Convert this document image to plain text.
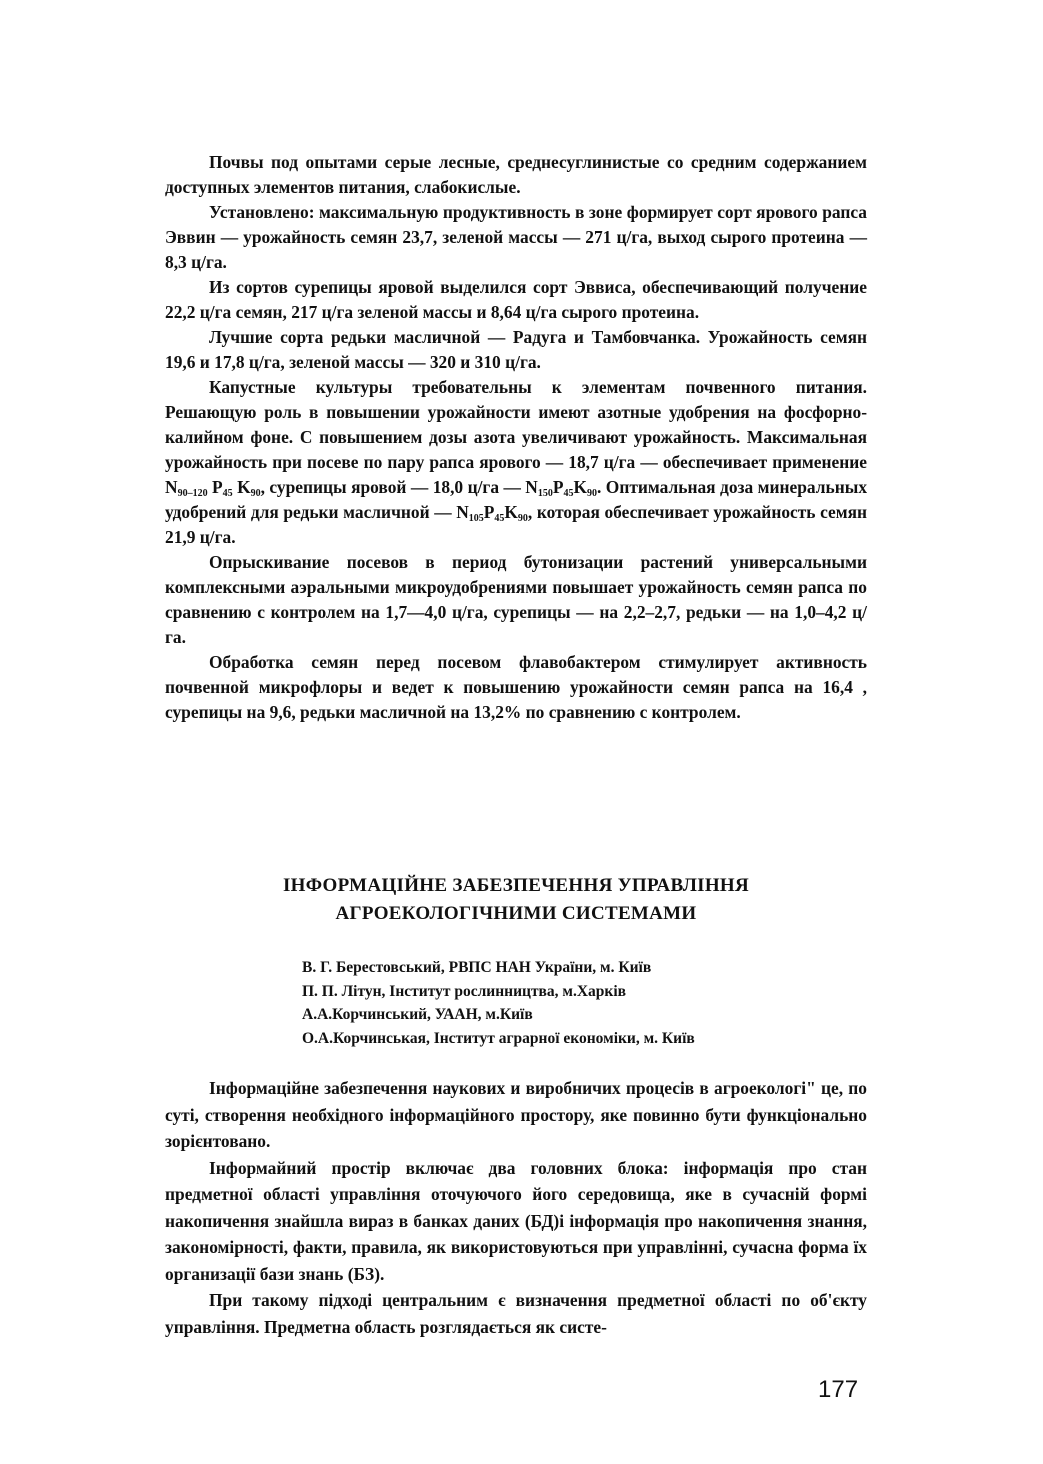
Почвы под опытами серые лесные, среднесуглинистые со средним содержанием доступных элементов питания, слабокислые.

Установлено: максимальную продуктивность в зоне формирует сорт ярового рапса Эввин — урожайность семян 23,7, зеленой массы — 271 ц/га, выход сырого протеина — 8,3 ц/га.

Из сортов сурепицы яровой выделился сорт Эввиса, обеспечивающий получение 22,2 ц/га семян, 217 ц/га зеленой массы и 8,64 ц/га сырого протеина.

Лучшие сорта редьки масличной — Радуга и Тамбовчанка. Урожайность семян 19,6 и 17,8 ц/га, зеленой массы — 320 и 310 ц/га.

Капустные культуры требовательны к элементам почвенного питания. Решающую роль в повышении урожайности имеют азотные удобрения на фосфорно-калийном фоне. С повышением дозы азота увеличивают урожайность. Максимальная урожайность при посеве по пару рапса ярового — 18,7 ц/га — обеспечивает применение $N_{90-120}$ $P_{45}$ $K_{90}$, сурепицы яровой — 18,0 ц/га — $N_{150}P_{45}K_{90}$. Оптимальная доза минеральных удобрений для редьки масличной — $N_{105}P_{45}K_{90}$, которая обеспечивает урожайность семян 21,9 ц/га.

Опрыскивание посевов в период бутонизации растений универсальными комплексными аэральными микроудобрениями повышает урожайность семян рапса по сравнению с контролем на 1,7—4,0 ц/га, сурепицы — на 2,2–2,7, редьки — на 1,0–4,2 ц/га.

Обработка семян перед посевом флавобактером стимулирует активность почвенной микрофлоры и ведет к повышению урожайности семян рапса на 16,4 , сурепицы на 9,6, редьки масличной на 13,2% по сравнению с контролем.

ІНФОРМАЦІЙНЕ ЗАБЕЗПЕЧЕННЯ УПРАВЛІННЯ
АГРОЕКОЛОГІЧНИМИ СИСТЕМАМИ
В. Г. Берестовський, РВПС НАН України, м. Київ
П. П. Літун, Інститут рослинництва, м.Харків
А.А.Корчинський, УААН, м.Київ
О.А.Корчинськая, Інститут аграрної економіки, м. Київ

Інформаційне забезпечення наукових и виробничих процесів в агроекологі" це, по суті, створення необхідного інформаційного простору, яке повинно бути функціонально зорієнтовано.

Інформайний простір включає два головних блока: інформація про стан предметної області управління оточуючого його середовища, яке в сучасній формі накопичення знайшла вираз в банках даних (БД)і інформація про накопичення знання, закономірності, факти, правила, як використовуються при управлінні, сучасна форма їх организації бази знань (БЗ).

При такому підході центральним є визначення предметної області по об'єкту управління. Предметна область розглядається як систе-

177
